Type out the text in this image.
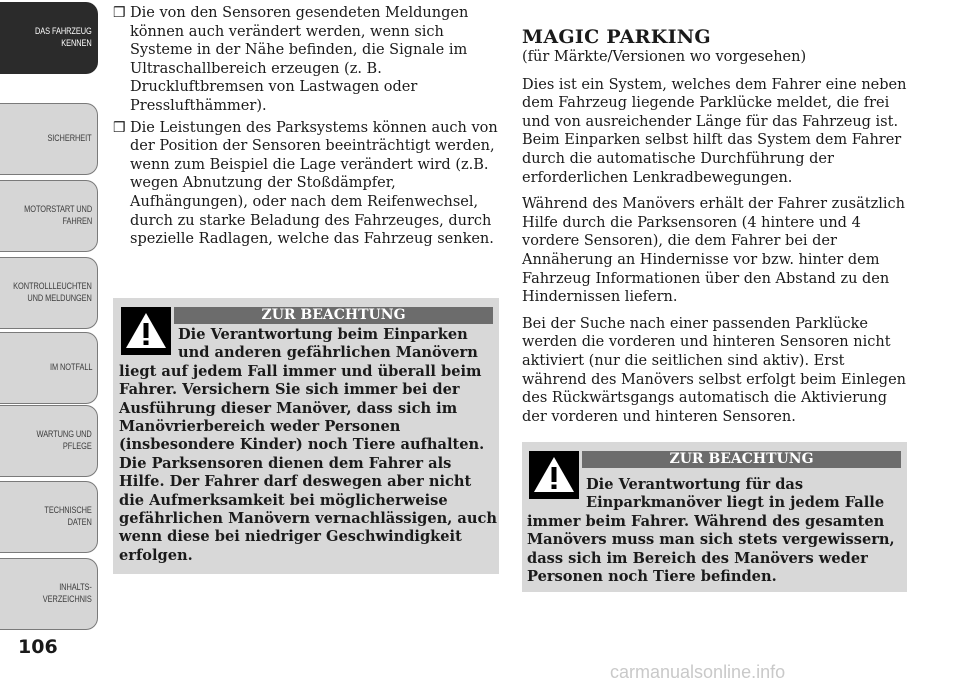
DAS FAHRZEUG
KENNEN
SICHERHEIT
MOTORSTART UND
FAHREN
KONTROLLLEUCHTEN
UND MELDUNGEN
IM NOTFALL
WARTUNG UND
PFLEGE
TECHNISCHE
DATEN
INHALTS-
VERZEICHNIS
106
❒ Die von den Sensoren gesendeten Meldungen können auch verändert werden, wenn sich Systeme in der Nähe befinden, die Signale im Ultraschallbereich erzeugen (z. B. Druckluftbremsen von Lastwagen oder Presslufthämmer).
❒ Die Leistungen des Parksystems können auch von der Position der Sensoren beeinträchtigt werden, wenn zum Beispiel die Lage verändert wird (z.B. wegen Abnutzung der Stoßdämpfer, Aufhängungen), oder nach dem Reifenwechsel, durch zu starke Beladung des Fahrzeuges, durch spezielle Radlagen, welche das Fahrzeug senken.
ZUR BEACHTUNG
Die Verantwortung beim Einparken
und anderen gefährlichen Manövern
liegt auf jedem Fall immer und überall beim Fahrer. Versichern Sie sich immer bei der Ausführung dieser Manöver, dass sich im Manövrierbereich weder Personen (insbesondere Kinder) noch Tiere aufhalten. Die Parksensoren dienen dem Fahrer als Hilfe. Der Fahrer darf deswegen aber nicht die Aufmerksamkeit bei möglicherweise gefährlichen Manövern vernachlässigen, auch wenn diese bei niedriger Geschwindigkeit erfolgen.
MAGIC PARKING

(für Märkte/Versionen wo vorgesehen)

Dies ist ein System, welches dem Fahrer eine neben dem Fahrzeug liegende Parklücke meldet, die frei und von ausreichender Länge für das Fahrzeug ist. Beim Einparken selbst hilft das System dem Fahrer durch die automatische Durchführung der erforderlichen Lenkradbewegungen.

Während des Manövers erhält der Fahrer zusätzlich Hilfe durch die Parksensoren (4 hintere und 4 vordere Sensoren), die dem Fahrer bei der Annäherung an Hindernisse vor bzw. hinter dem Fahrzeug Informationen über den Abstand zu den Hindernissen liefern.

Bei der Suche nach einer passenden Parklücke werden die vorderen und hinteren Sensoren nicht aktiviert (nur die seitlichen sind aktiv). Erst während des Manövers selbst erfolgt beim Einlegen des Rückwärtsgangs automatisch die Aktivierung der vorderen und hinteren Sensoren.

ZUR BEACHTUNG
Die Verantwortung für das
Einparkmanöver liegt in jedem Falle
immer beim Fahrer. Während des gesamten Manövers muss man sich stets vergewissern, dass sich im Bereich des Manövers weder Personen noch Tiere befinden.
carmanualsonline.info
